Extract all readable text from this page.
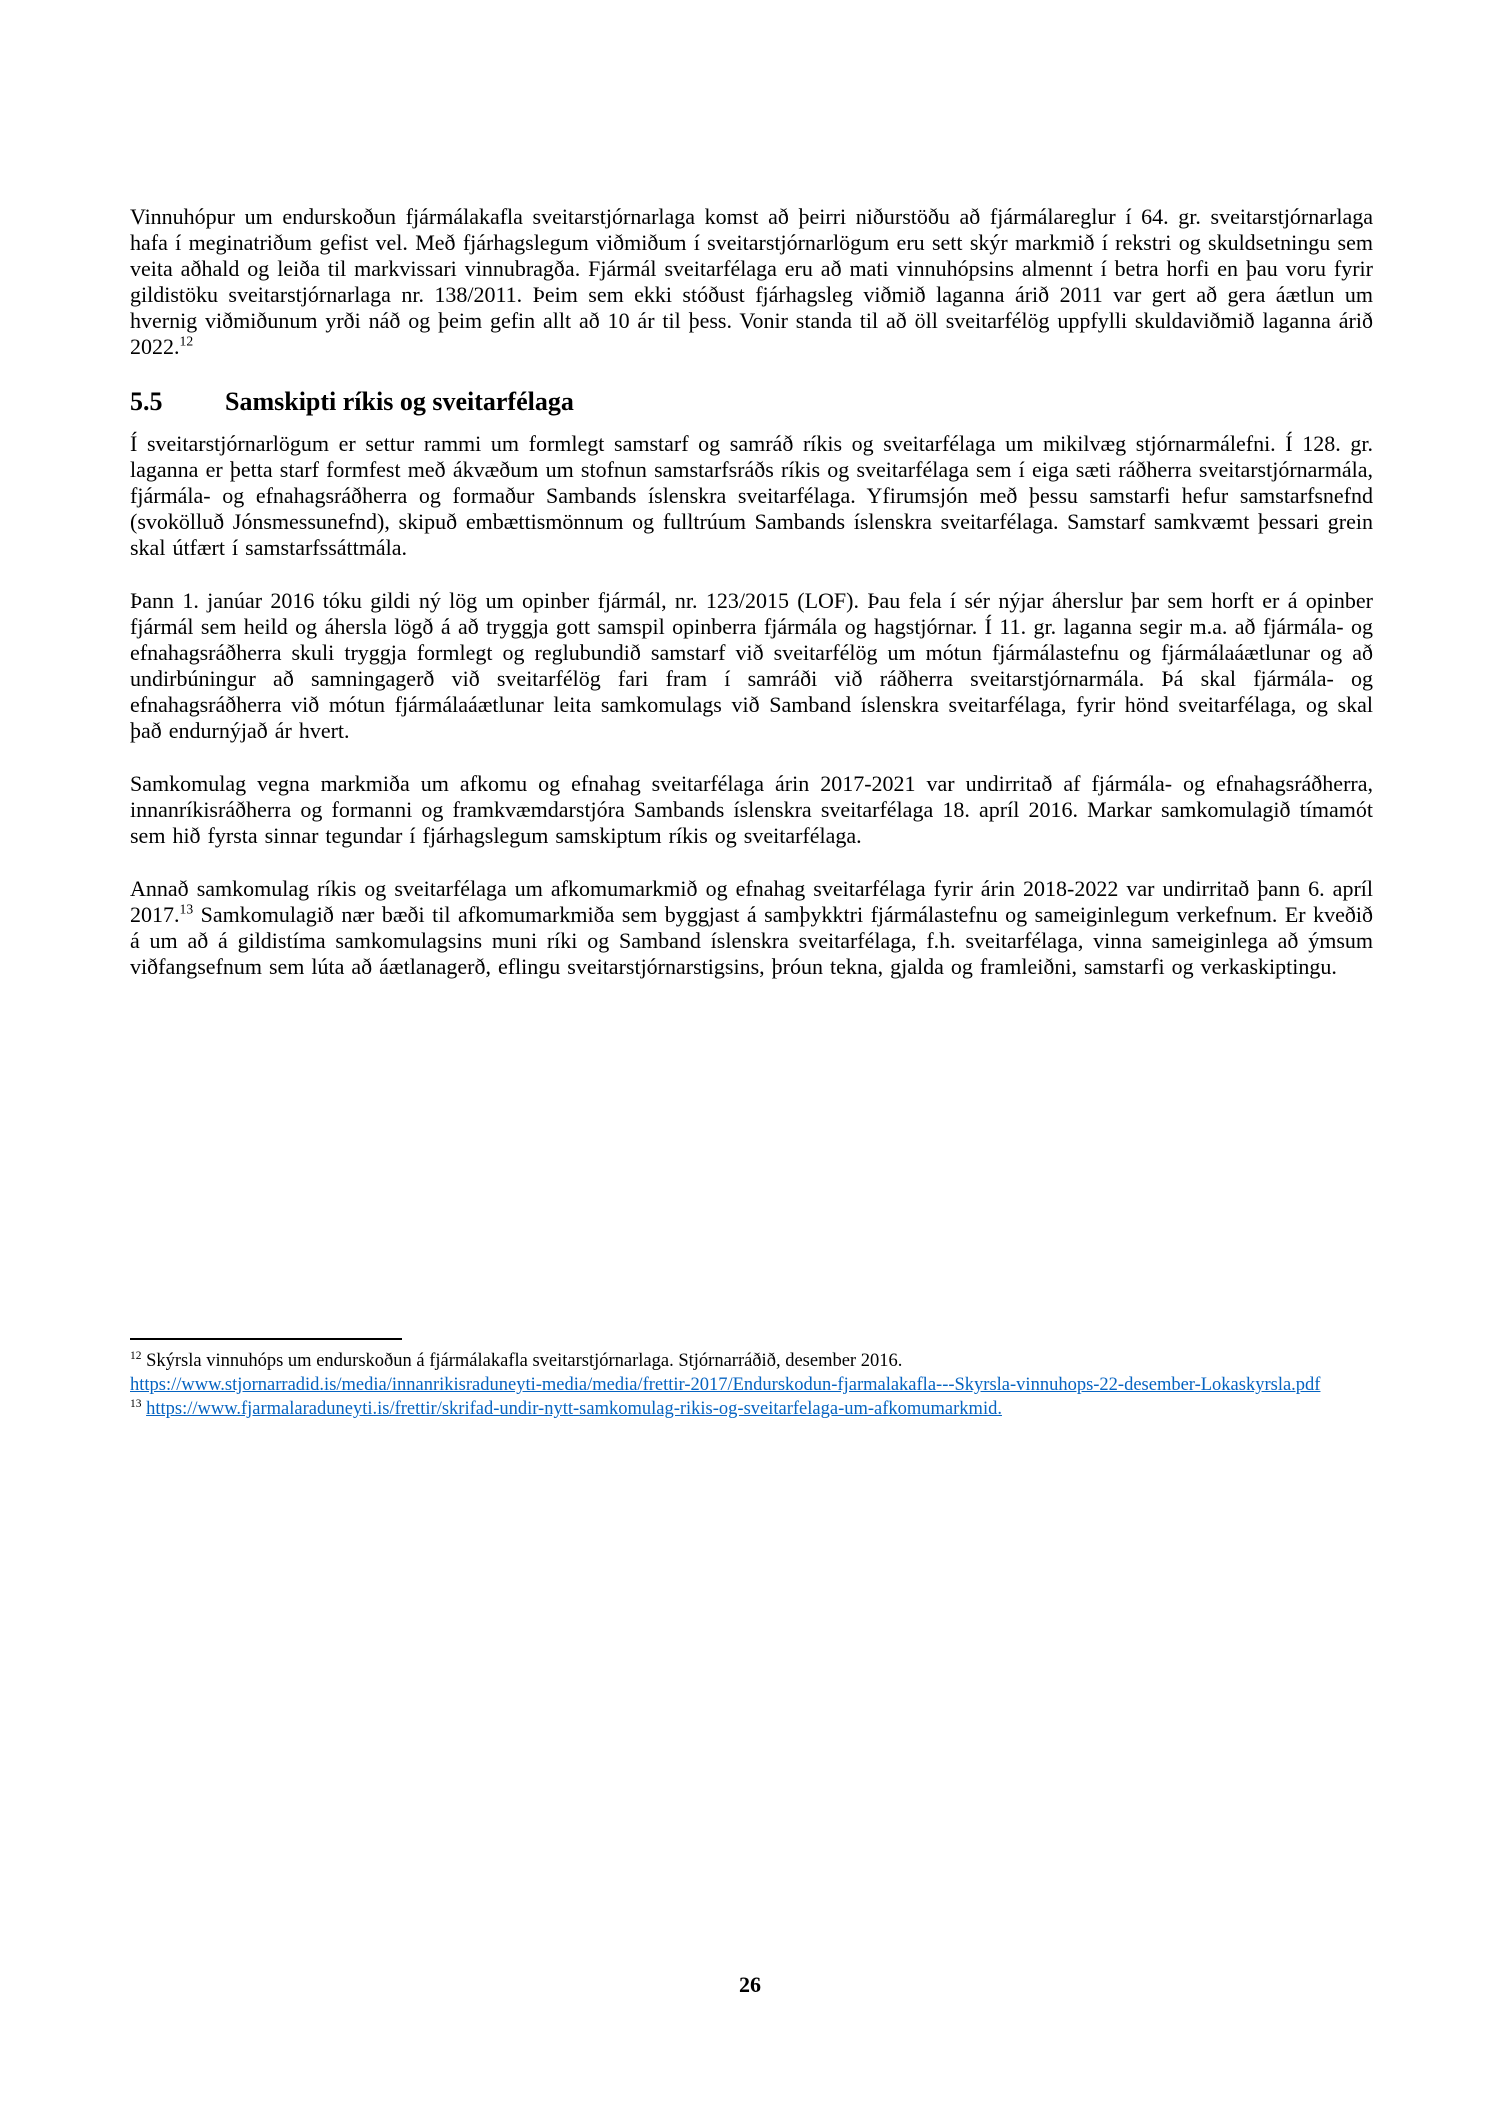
Vinnuhópur um endurskoðun fjármálakafla sveitarstjórnarlaga komst að þeirri niðurstöðu að fjármálareglur í 64. gr. sveitarstjórnarlaga hafa í meginatriðum gefist vel. Með fjárhagslegum viðmiðum í sveitarstjórnarlögum eru sett skýr markmið í rekstri og skuldsetningu sem veita aðhald og leiða til markvissari vinnubragða. Fjármál sveitarfélaga eru að mati vinnuhópsins almennt í betra horfi en þau voru fyrir gildistöku sveitarstjórnarlaga nr. 138/2011. Þeim sem ekki stóðust fjárhagsleg viðmið laganna árið 2011 var gert að gera áætlun um hvernig viðmiðunum yrði náð og þeim gefin allt að 10 ár til þess. Vonir standa til að öll sveitarfélög uppfylli skuldaviðmið laganna árið 2022.12

5.5 Samskipti ríkis og sveitarfélaga

Í sveitarstjórnarlögum er settur rammi um formlegt samstarf og samráð ríkis og sveitarfélaga um mikilvæg stjórnarmálefni. Í 128. gr. laganna er þetta starf formfest með ákvæðum um stofnun samstarfsráðs ríkis og sveitarfélaga sem í eiga sæti ráðherra sveitarstjórnarmála, fjármála- og efnahagsráðherra og formaður Sambands íslenskra sveitarfélaga. Yfirumsjón með þessu samstarfi hefur samstarfsnefnd (svokölluð Jónsmessunefnd), skipuð embættismönnum og fulltrúum Sambands íslenskra sveitarfélaga. Samstarf samkvæmt þessari grein skal útfært í samstarfssáttmála.

Þann 1. janúar 2016 tóku gildi ný lög um opinber fjármál, nr. 123/2015 (LOF). Þau fela í sér nýjar áherslur þar sem horft er á opinber fjármál sem heild og áhersla lögð á að tryggja gott samspil opinberra fjármála og hagstjórnar. Í 11. gr. laganna segir m.a. að fjármála- og efnahagsráðherra skuli tryggja formlegt og reglubundið samstarf við sveitarfélög um mótun fjármálastefnu og fjármálaáætlunar og að undirbúningur að samningagerð við sveitarfélög fari fram í samráði við ráðherra sveitarstjórnarmála. Þá skal fjármála- og efnahagsráðherra við mótun fjármálaáætlunar leita samkomulags við Samband íslenskra sveitarfélaga, fyrir hönd sveitarfélaga, og skal það endurnýjað ár hvert.

Samkomulag vegna markmiða um afkomu og efnahag sveitarfélaga árin 2017-2021 var undirritað af fjármála- og efnahagsráðherra, innanríkisráðherra og formanni og framkvæmdarstjóra Sambands íslenskra sveitarfélaga 18. apríl 2016. Markar samkomulagið tímamót sem hið fyrsta sinnar tegundar í fjárhagslegum samskiptum ríkis og sveitarfélaga.

Annað samkomulag ríkis og sveitarfélaga um afkomumarkmið og efnahag sveitarfélaga fyrir árin 2018-2022 var undirritað þann 6. apríl 2017.13 Samkomulagið nær bæði til afkomumarkmiða sem byggjast á samþykktri fjármálastefnu og sameiginlegum verkefnum. Er kveðið á um að á gildistíma samkomulagsins muni ríki og Samband íslenskra sveitarfélaga, f.h. sveitarfélaga, vinna sameiginlega að ýmsum viðfangsefnum sem lúta að áætlanagerð, eflingu sveitarstjórnarstigsins, þróun tekna, gjalda og framleiðni, samstarfi og verkaskiptingu.

$^{12}$ Skýrsla vinnuhóps um endurskoðun á fjármálakafla sveitarstjórnarlaga. Stjórnarráðið, desember 2016.
https://www.stjornarradid.is/media/innanrikisraduneyti-media/media/frettir-2017/Endurskodun-fjarmalakafla---Skyrsla-vinnuhops-22-desember-Lokaskyrsla.pdf
$^{13}$ https://www.fjarmalaraduneyti.is/frettir/skrifad-undir-nytt-samkomulag-rikis-og-sveitarfelaga-um-afkomumarkmid.
26
